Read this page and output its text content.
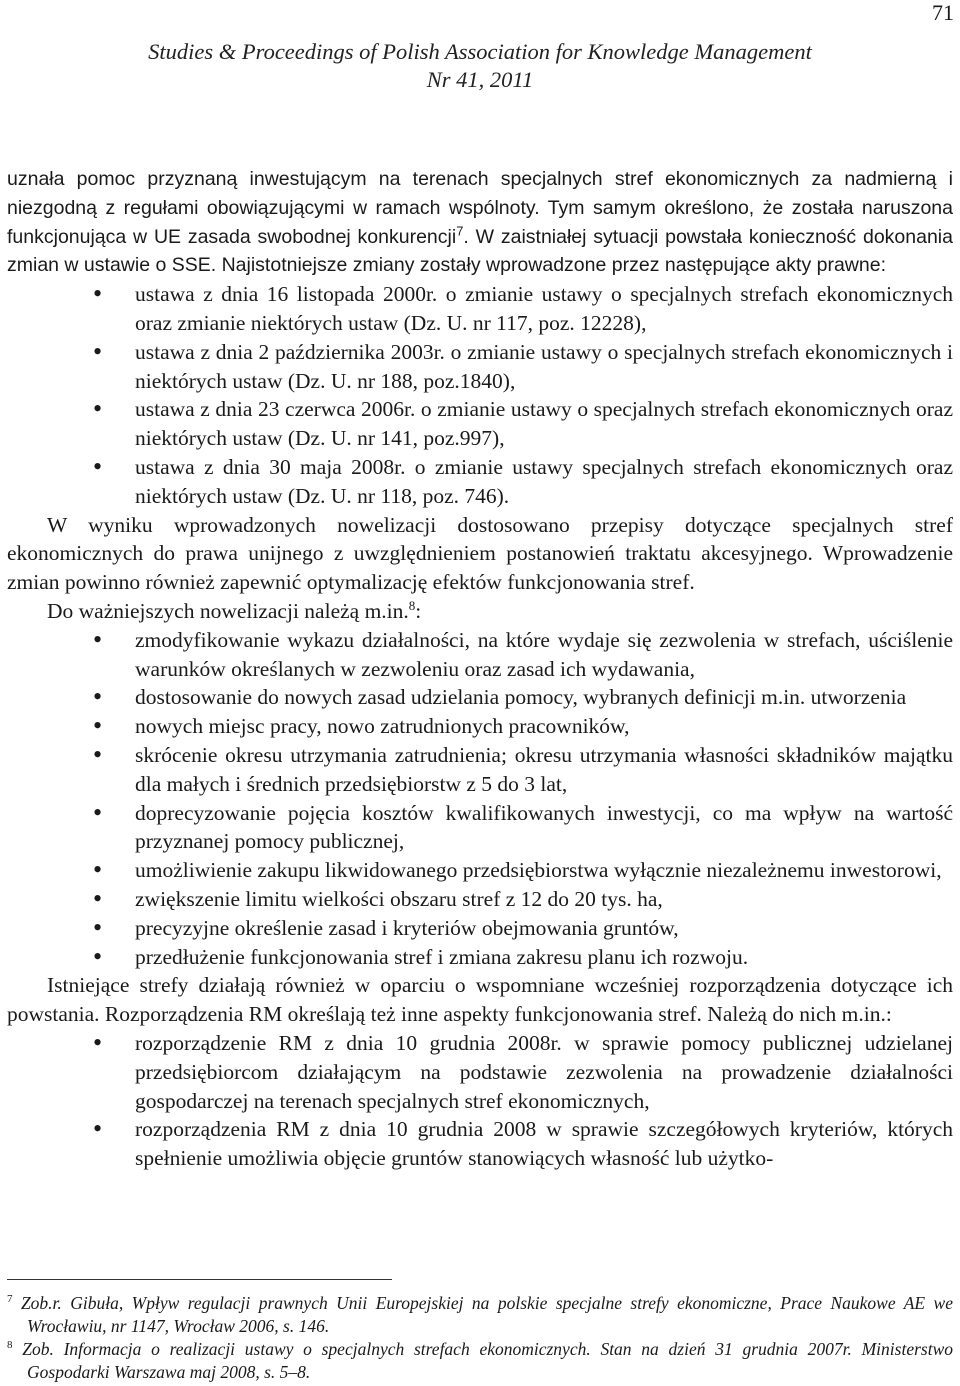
71
Studies & Proceedings of Polish Association for Knowledge Management
Nr 41, 2011

uznała pomoc przyznaną inwestującym na terenach specjalnych stref ekonomicznych za nadmierną i niezgodną z regułami obowiązującymi w ramach wspólnoty. Tym samym określono, że została naruszona funkcjonująca w UE zasada swobodnej konkurencji$^7$. W zaistniałej sytuacji powstała konieczność dokonania zmian w ustawie o SSE. Najistotniejsze zmiany zostały wprowadzone przez następujące akty prawne:

• ustawa z dnia 16 listopada 2000r. o zmianie ustawy o specjalnych strefach ekonomicznych oraz zmianie niektórych ustaw (Dz. U. nr 117, poz. 12228),
• ustawa z dnia 2 października 2003r. o zmianie ustawy o specjalnych strefach ekonomicznych i niektórych ustaw (Dz. U. nr 188, poz.1840),
• ustawa z dnia 23 czerwca 2006r. o zmianie ustawy o specjalnych strefach ekonomicznych oraz niektórych ustaw (Dz. U. nr 141, poz.997),
• ustawa z dnia 30 maja 2008r. o zmianie ustawy specjalnych strefach ekonomicznych oraz niektórych ustaw (Dz. U. nr 118, poz. 746).

W wyniku wprowadzonych nowelizacji dostosowano przepisy dotyczące specjalnych stref ekonomicznych do prawa unijnego z uwzględnieniem postanowień traktatu akcesyjnego. Wprowadzenie zmian powinno również zapewnić optymalizację efektów funkcjonowania stref.

Do ważniejszych nowelizacji należą m.in.$^8$:

• zmodyfikowanie wykazu działalności, na które wydaje się zezwolenia w strefach, uściślenie warunków określanych w zezwoleniu oraz zasad ich wydawania,
• dostosowanie do nowych zasad udzielania pomocy, wybranych definicji m.in. utworzenia
• nowych miejsc pracy, nowo zatrudnionych pracowników,
• skrócenie okresu utrzymania zatrudnienia; okresu utrzymania własności składników majątku dla małych i średnich przedsiębiorstw z 5 do 3 lat,
• doprecyzowanie pojęcia kosztów kwalifikowanych inwestycji, co ma wpływ na wartość przyznanej pomocy publicznej,
• umożliwienie zakupu likwidowanego przedsiębiorstwa wyłącznie niezależnemu inwestorowi,
• zwiększenie limitu wielkości obszaru stref z 12 do 20 tys. ha,
• precyzyjne określenie zasad i kryteriów obejmowania gruntów,
• przedłużenie funkcjonowania stref i zmiana zakresu planu ich rozwoju.

Istniejące strefy działają również w oparciu o wspomniane wcześniej rozporządzenia dotyczące ich powstania. Rozporządzenia RM określają też inne aspekty funkcjonowania stref. Należą do nich m.in.:

• rozporządzenie RM z dnia 10 grudnia 2008r. w sprawie pomocy publicznej udzielanej przedsiębiorcom działającym na podstawie zezwolenia na prowadzenie działalności gospodarczej na terenach specjalnych stref ekonomicznych,
• rozporządzenia RM z dnia 10 grudnia 2008 w sprawie szczegółowych kryteriów, których spełnienie umożliwia objęcie gruntów stanowiących własność lub użytko-
$^7$ Zob.r. Gibuła, Wpływ regulacji prawnych Unii Europejskiej na polskie specjalne strefy ekonomiczne, Prace Naukowe AE we Wrocławiu, nr 1147, Wrocław 2006, s. 146.
$^8$ Zob. Informacja o realizacji ustawy o specjalnych strefach ekonomicznych. Stan na dzień 31 grudnia 2007r. Ministerstwo Gospodarki Warszawa maj 2008, s. 5–8.
